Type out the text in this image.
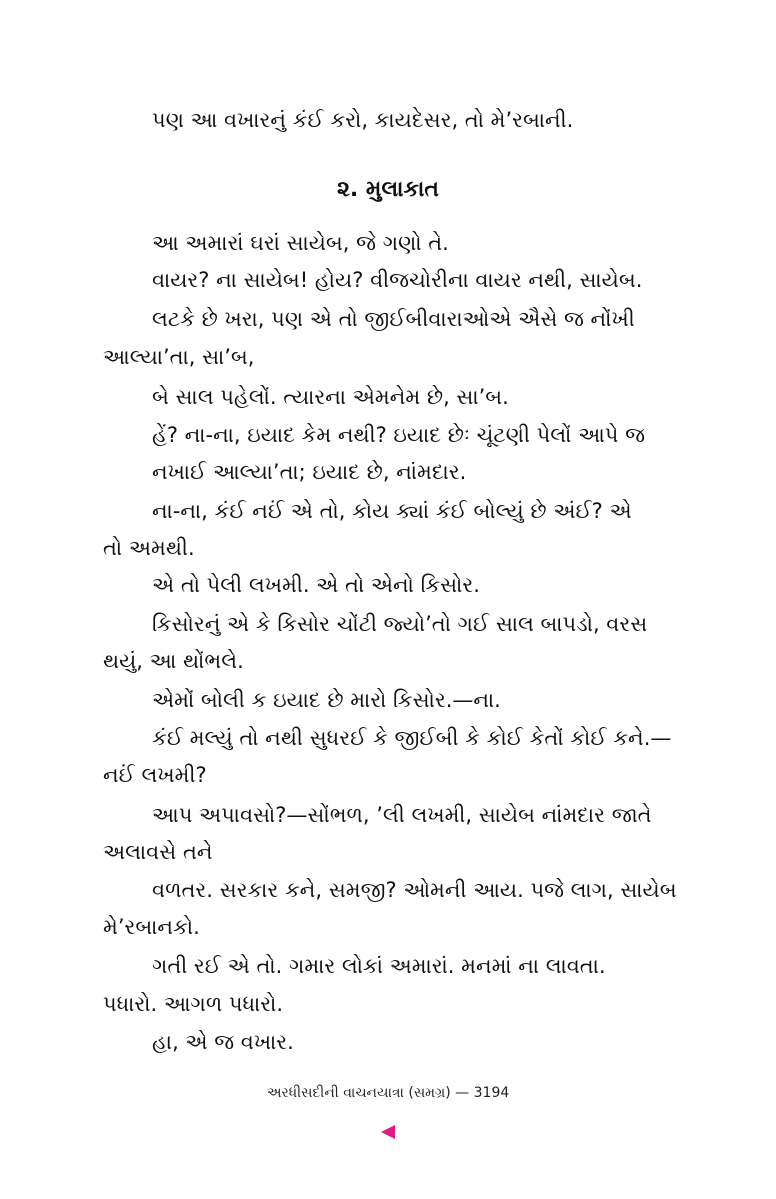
પણ આ વખારનું કંઈ કરો, કાયદેસર, તો મે’રબાની.
૨. મુલાકાત
આ અમારાં ઘરાં સાયેબ, જે ગણો તે.
વાયર? ના સાયેબ! હોય? વીજચોરીના વાયર નથી, સાયેબ.
લટકે છે ખરા, પણ એ તો જીઈબીવારાઓએ ઐસે જ નોંખી
આલ્યા’તા, સા’બ,
બે સાલ પહેલોં. ત્યારના એમનેમ છે, સા’બ.
હેં? ના-ના, ઇયાદ કેમ નથી? ઇયાદ છેઃ ચૂંટણી પેલોં આપે જ
નખાઈ આલ્યા’તા; ઇયાદ છે, નાંમદાર.
ના-ના, કંઈ નઈં એ તો, કોય ક્યાં કંઈ બોલ્યું છે અંઈ? એ
તો અમથી.
એ તો પેલી લખમી. એ તો એનો કિસોર.
કિસોરનું એ કે કિસોર ચોંટી જ્યો’તો ગઈ સાલ બાપડો, વરસ
થયું, આ થોંભલે.
એમોં બોલી ક ઇયાદ છે મારો કિસોર.—ના.
કંઈ મલ્યું તો નથી સુધરઈ કે જીઈબી કે કોઈ કેતોં કોઈ કને.—
નઈં લખમી?
આપ અપાવસો?—સોંભળ, ’લી લખમી, સાયેબ નાંમદાર જાતે
અલાવસે તને
વળતર. સરકાર કને, સમજી? ઓમની આય. પજે લાગ, સાયેબ
મે’રબાનકો.
ગતી રઈ એ તો. ગમાર લોકાં અમારાં. મનમાં ના લાવતા.
પધારો. આગળ પધારો.
હા, એ જ વખાર.
અરધીસદીની વાચનયાત્રા (સમગ્ર) — 3194
